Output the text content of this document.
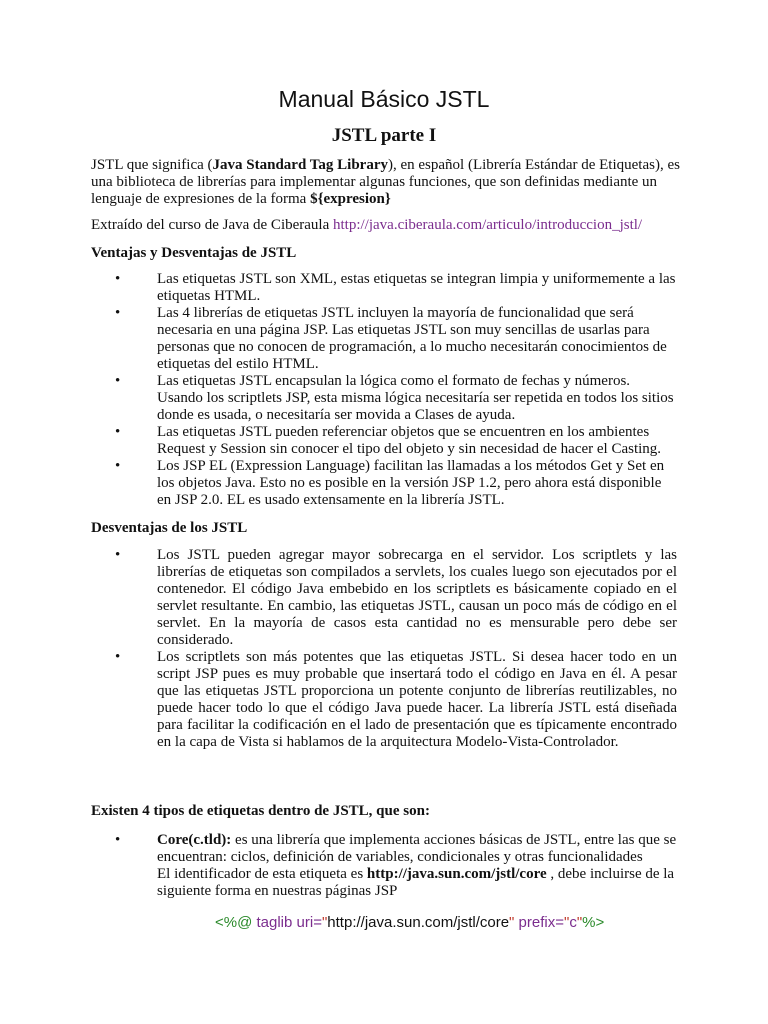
Manual Básico JSTL
JSTL parte I
JSTL que significa (Java Standard Tag Library), en español (Librería Estándar de Etiquetas), es una biblioteca de librerías para implementar algunas funciones, que son definidas mediante un lenguaje de expresiones de la forma ${expresion}
Extraído del curso de Java de Ciberaula http://java.ciberaula.com/articulo/introduccion_jstl/
Ventajas y Desventajas de JSTL
• Las etiquetas JSTL son XML, estas etiquetas se integran limpia y uniformemente a las etiquetas HTML.
• Las 4 librerías de etiquetas JSTL incluyen la mayoría de funcionalidad que será necesaria en una página JSP. Las etiquetas JSTL son muy sencillas de usarlas para personas que no conocen de programación, a lo mucho necesitarán conocimientos de etiquetas del estilo HTML.
• Las etiquetas JSTL encapsulan la lógica como el formato de fechas y números. Usando los scriptlets JSP, esta misma lógica necesitaría ser repetida en todos los sitios donde es usada, o necesitaría ser movida a Clases de ayuda.
• Las etiquetas JSTL pueden referenciar objetos que se encuentren en los ambientes Request y Session sin conocer el tipo del objeto y sin necesidad de hacer el Casting.
• Los JSP EL (Expression Language) facilitan las llamadas a los métodos Get y Set en los objetos Java. Esto no es posible en la versión JSP 1.2, pero ahora está disponible en JSP 2.0. EL es usado extensamente en la librería JSTL.
Desventajas de los JSTL
• Los JSTL pueden agregar mayor sobrecarga en el servidor. Los scriptlets y las librerías de etiquetas son compilados a servlets, los cuales luego son ejecutados por el contenedor. El código Java embebido en los scriptlets es básicamente copiado en el servlet resultante. En cambio, las etiquetas JSTL, causan un poco más de código en el servlet. En la mayoría de casos esta cantidad no es mensurable pero debe ser considerado.
• Los scriptlets son más potentes que las etiquetas JSTL. Si desea hacer todo en un script JSP pues es muy probable que insertará todo el código en Java en él. A pesar que las etiquetas JSTL proporciona un potente conjunto de librerías reutilizables, no puede hacer todo lo que el código Java puede hacer. La librería JSTL está diseñada para facilitar la codificación en el lado de presentación que es típicamente encontrado en la capa de Vista si hablamos de la arquitectura Modelo-Vista-Controlador.
Existen 4 tipos de etiquetas dentro de JSTL, que son:
• Core(c.tld): es una librería que implementa acciones básicas de JSTL, entre las que se encuentran: ciclos, definición de variables, condicionales y otras funcionalidades
El identificador de esta etiqueta es http://java.sun.com/jstl/core , debe incluirse de la siguiente forma en nuestras páginas JSP
<%@ taglib uri="http://java.sun.com/jstl/core" prefix="c"%>
